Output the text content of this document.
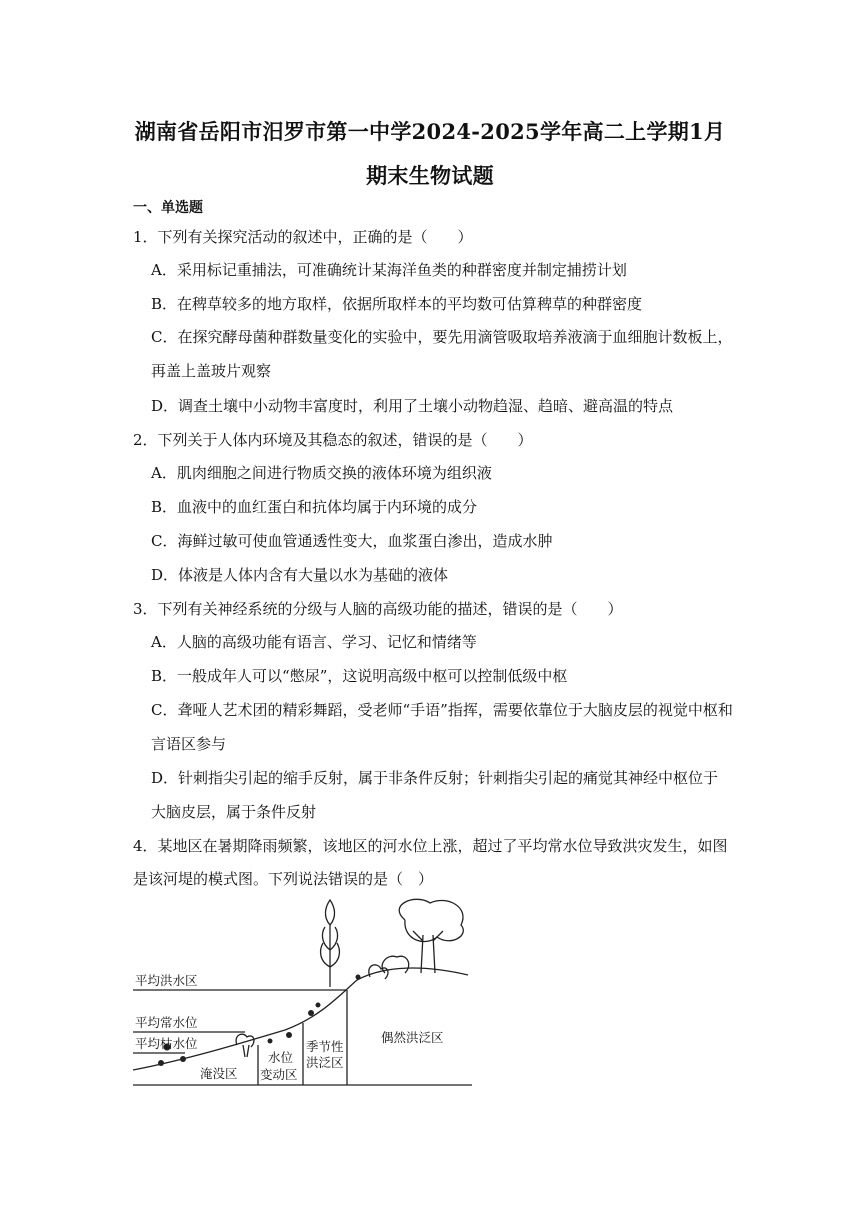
湖南省岳阳市汨罗市第一中学2024-2025学年高二上学期1月
期末生物试题
一、单选题
1．下列有关探究活动的叙述中，正确的是（　　）
A．采用标记重捕法，可准确统计某海洋鱼类的种群密度并制定捕捞计划
B．在稗草较多的地方取样，依据所取样本的平均数可估算稗草的种群密度
C．在探究酵母菌种群数量变化的实验中，要先用滴管吸取培养液滴于血细胞计数板上，
再盖上盖玻片观察
D．调查土壤中小动物丰富度时，利用了土壤小动物趋湿、趋暗、避高温的特点
2．下列关于人体内环境及其稳态的叙述，错误的是（　　）
A．肌肉细胞之间进行物质交换的液体环境为组织液
B．血液中的血红蛋白和抗体均属于内环境的成分
C．海鲜过敏可使血管通透性变大，血浆蛋白渗出，造成水肿
D．体液是人体内含有大量以水为基础的液体
3．下列有关神经系统的分级与人脑的高级功能的描述，错误的是（　　）
A．人脑的高级功能有语言、学习、记忆和情绪等
B．一般成年人可以“憋尿”，这说明高级中枢可以控制低级中枢
C．聋哑人艺术团的精彩舞蹈，受老师“手语”指挥，需要依靠位于大脑皮层的视觉中枢和
言语区参与
D．针刺指尖引起的缩手反射，属于非条件反射；针刺指尖引起的痛觉其神经中枢位于
大脑皮层，属于条件反射
4．某地区在暑期降雨频繁，该地区的河水位上涨，超过了平均常水位导致洪灾发生，如图
是该河堤的模式图。下列说法错误的是（　）
平均洪水区
平均常水位
平均枯水位
淹没区
水位
变动区
季节性
洪泛区
偶然洪泛区
